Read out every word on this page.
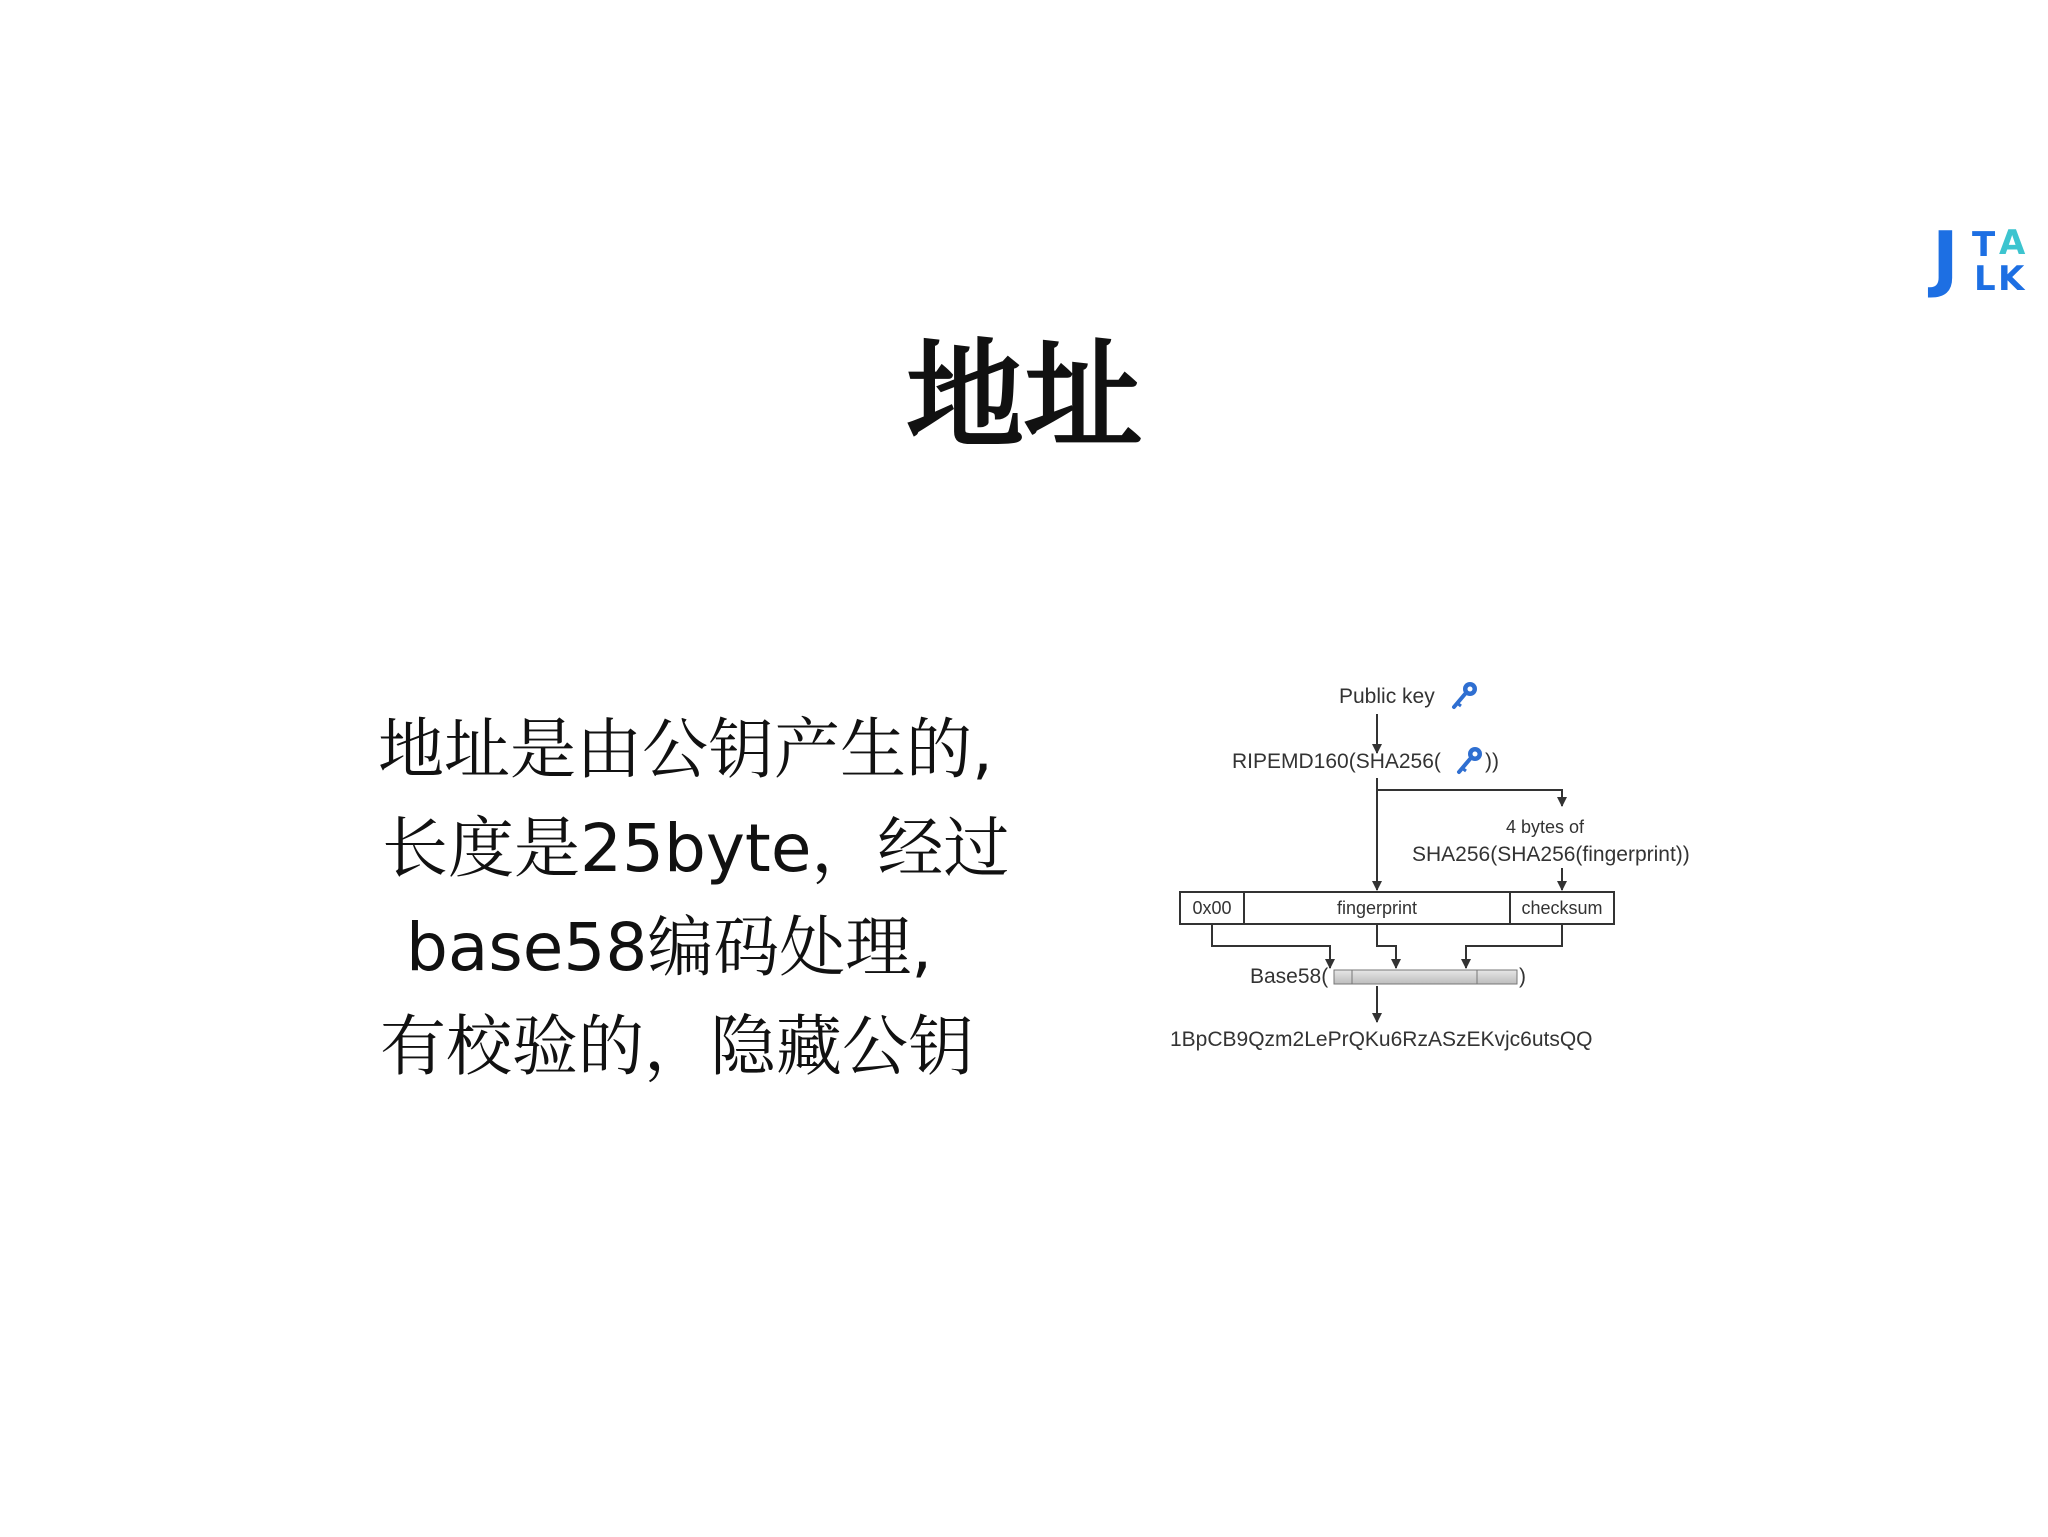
J T A
L K
地址
地址是由公钥产生的,
长度是25byte，经过
base58编码处理,
有校验的，隐藏公钥
Public key
RIPEMD160(SHA256( ))
4 bytes of
SHA256(SHA256(fingerprint))
0x00	fingerprint	checksum
Base58(	)
1BpCB9Qzm2LePrQKu6RzASzEKvjc6utsQQ
